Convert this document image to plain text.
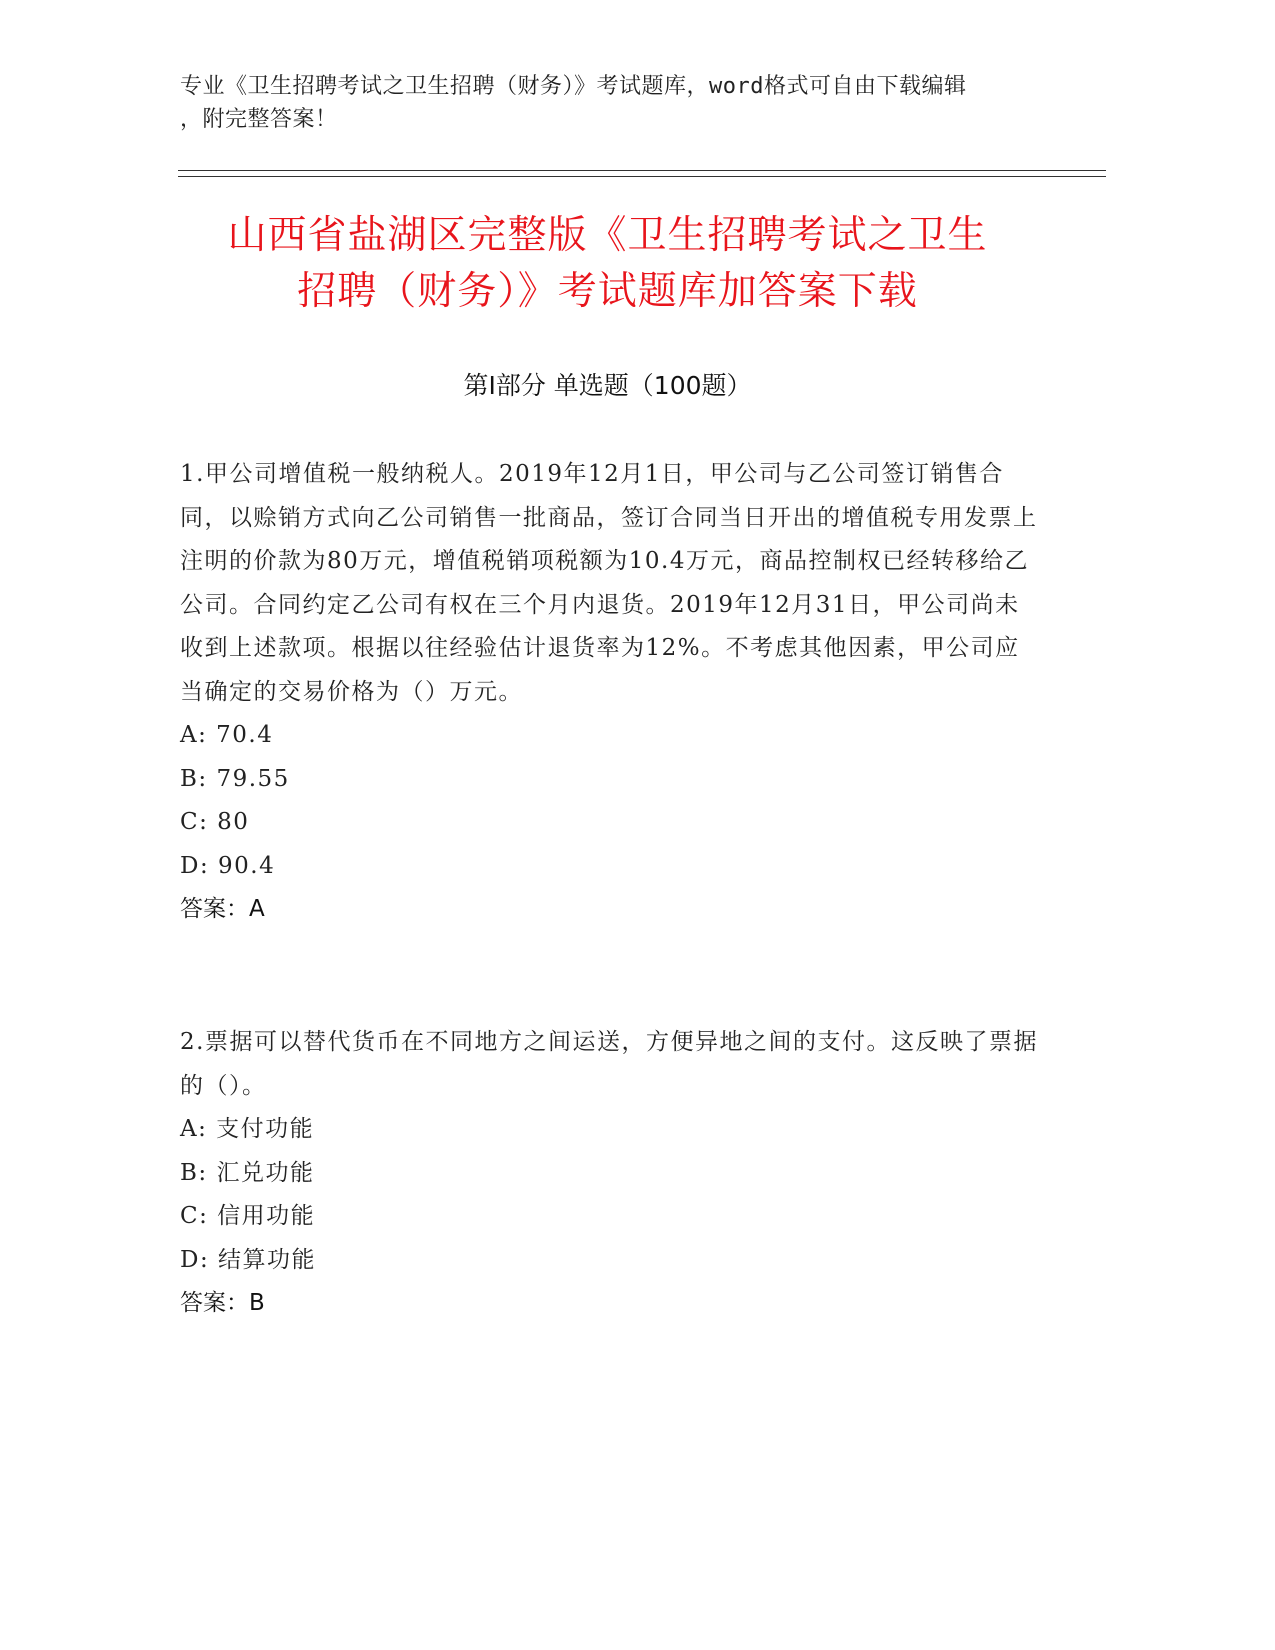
专业《卫生招聘考试之卫生招聘（财务）》考试题库，word格式可自由下载编辑
，附完整答案！
山西省盐湖区完整版《卫生招聘考试之卫生
招聘（财务）》考试题库加答案下载
第Ⅰ部分 单选题（100题）
1.甲公司增值税一般纳税人。2019年12月1日，甲公司与乙公司签订销售合同，以赊销方式向乙公司销售一批商品，签订合同当日开出的增值税专用发票上注明的价款为80万元，增值税销项税额为10.4万元，商品控制权已经转移给乙公司。合同约定乙公司有权在三个月内退货。2019年12月31日，甲公司尚未收到上述款项。根据以往经验估计退货率为12%。不考虑其他因素，甲公司应当确定的交易价格为（）万元。
A: 70.4
B: 79.55
C: 80
D: 90.4
答案：A
2.票据可以替代货币在不同地方之间运送，方便异地之间的支付。这反映了票据的（）。
A: 支付功能
B: 汇兑功能
C: 信用功能
D: 结算功能
答案：B
